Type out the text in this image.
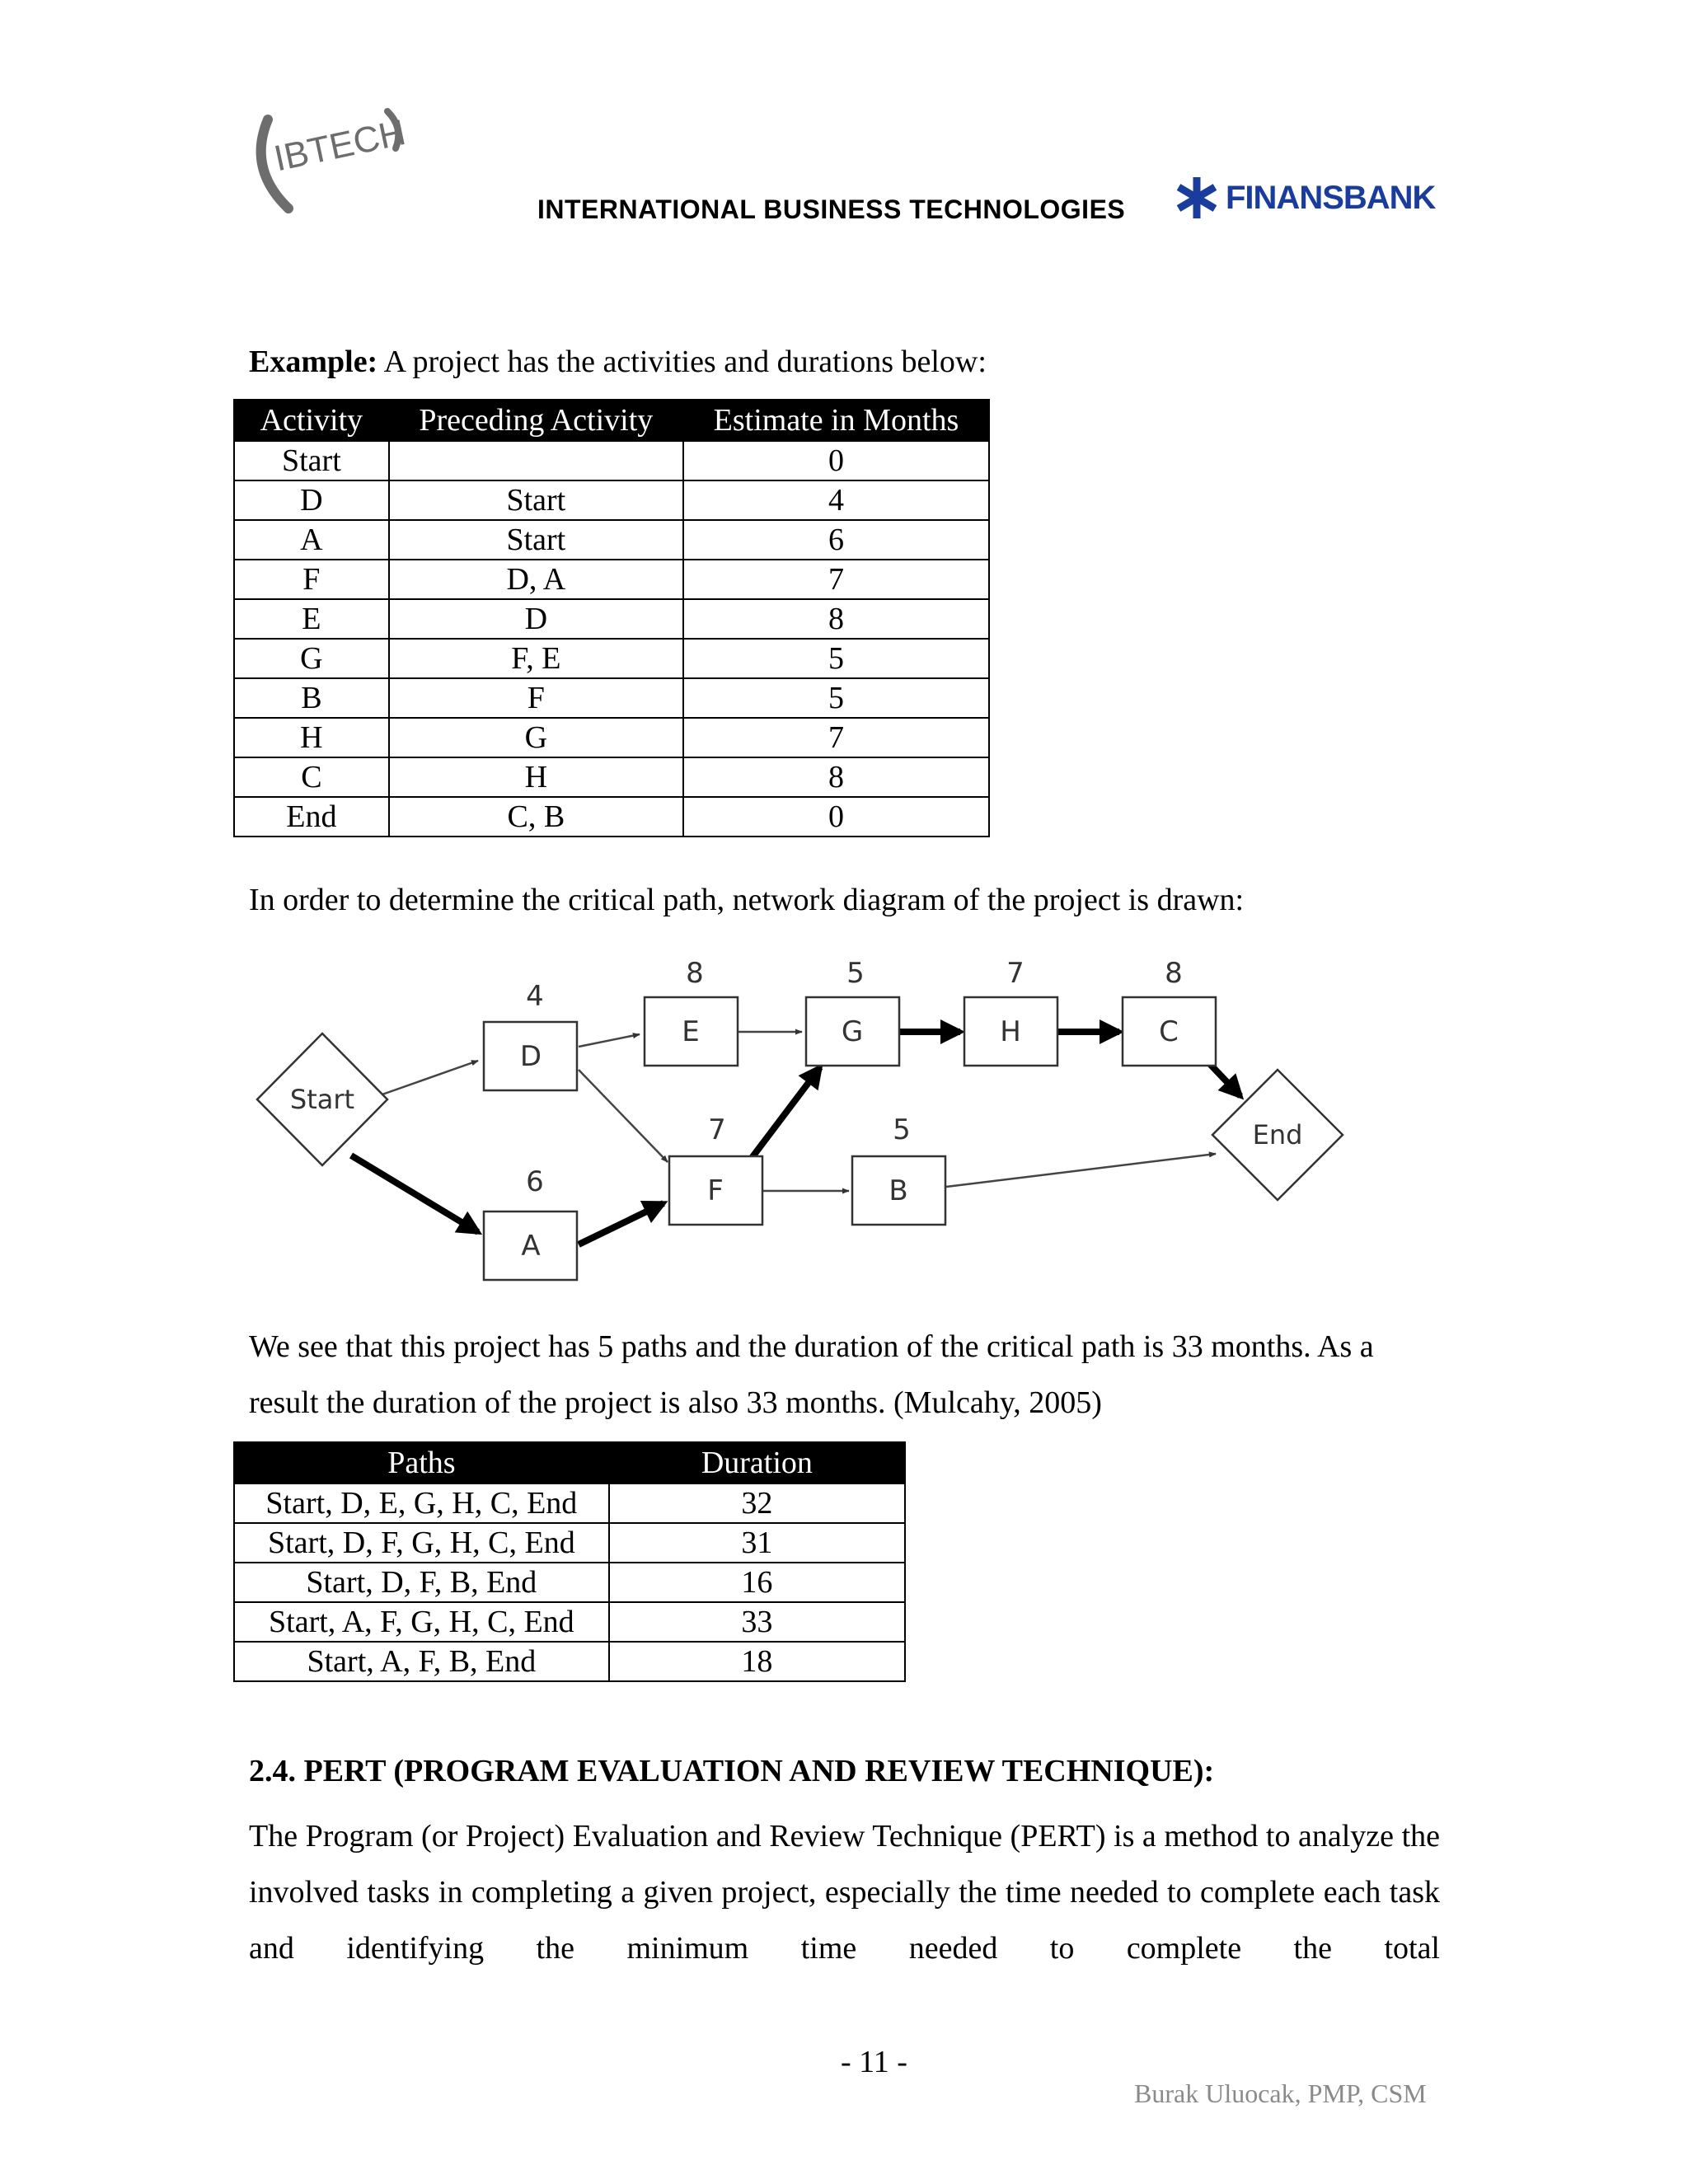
IBTECH
INTERNATIONAL BUSINESS TECHNOLOGIES	FINANSBANK
Example: A project has the activities and durations below:
Activity	Preceding Activity	Estimate in Months
Start		0
D	Start	4
A	Start	6
F	D, A	7
E	D	8
G	F, E	5
B	F	5
H	G	7
C	H	8
End	C, B	0
In order to determine the critical path, network diagram of the project is drawn:
Start
D
A
E
F
G
B
H	C
End
4
6
8
7
5
5
7	8
We see that this project has 5 paths and the duration of the critical path is 33 months. As a result the duration of the project is also 33 months. (Mulcahy, 2005)
Paths	Duration
Start, D, E, G, H, C, End	32
Start, D, F, G, H, C, End	31
Start, D, F, B, End	16
Start, A, F, G, H, C, End	33
Start, A, F, B, End	18
2.4. PERT (PROGRAM EVALUATION AND REVIEW TECHNIQUE):
The Program (or Project) Evaluation and Review Technique (PERT) is a method to analyze the involved tasks in completing a given project, especially the time needed to complete each task and identifying the minimum time needed to complete the total
- 11 -
Burak Uluocak, PMP, CSM
